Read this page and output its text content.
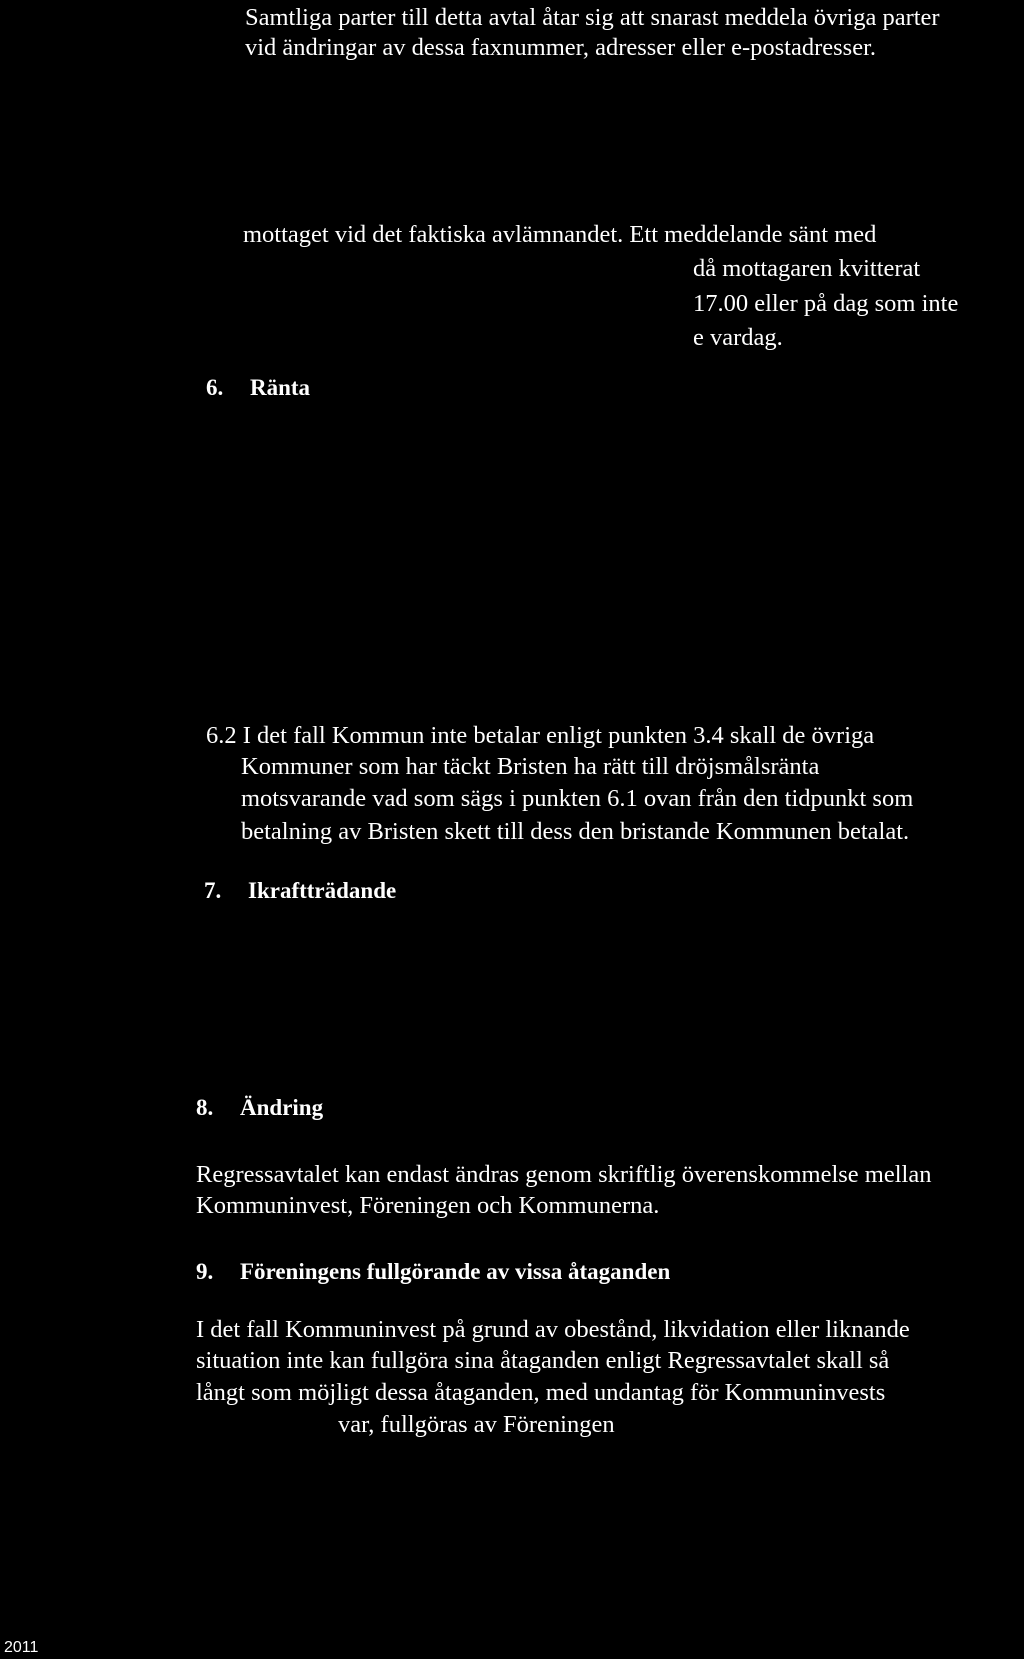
Samtliga parter till detta avtal åtar sig att snarast meddela övriga parter
vid ändringar av dessa faxnummer, adresser eller e-postadresser.
mottaget vid det faktiska avlämnandet. Ett meddelande sänt med
då mottagaren kvitterat
17.00 eller på dag som inte
e vardag.
6. Ränta
6.2 I det fall Kommun inte betalar enligt punkten 3.4 skall de övriga
Kommuner som har täckt Bristen ha rätt till dröjsmålsränta
motsvarande vad som sägs i punkten 6.1 ovan från den tidpunkt som
betalning av Bristen skett till dess den bristande Kommunen betalat.
7. Ikraftträdande
8. Ändring
Regressavtalet kan endast ändras genom skriftlig överenskommelse mellan
Kommuninvest, Föreningen och Kommunerna.
9. Föreningens fullgörande av vissa åtaganden
I det fall Kommuninvest på grund av obestånd, likvidation eller liknande
situation inte kan fullgöra sina åtaganden enligt Regressavtalet skall så
långt som möjligt dessa åtaganden, med undantag för Kommuninvests
var, fullgöras av Föreningen
2011
